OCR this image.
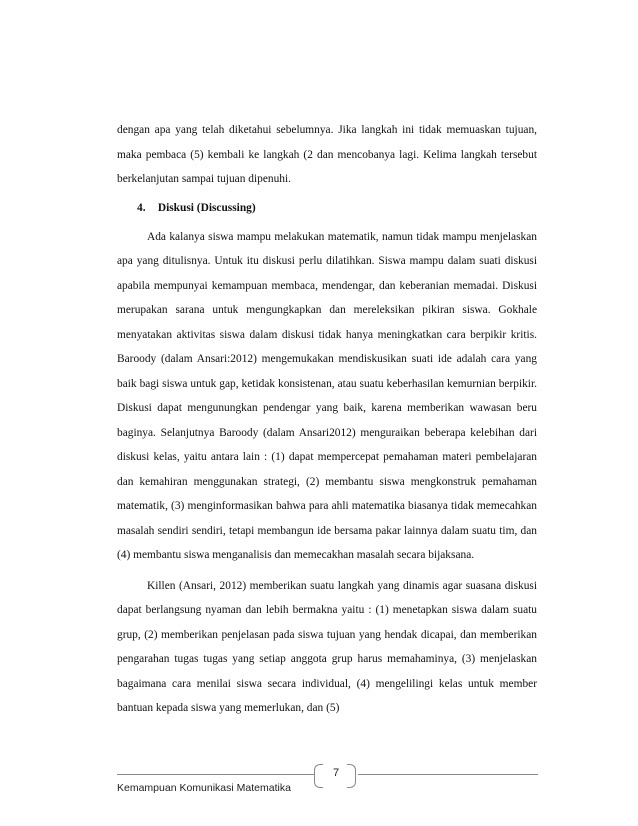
dengan apa yang telah diketahui sebelumnya. Jika langkah ini tidak memuaskan tujuan, maka pembaca (5) kembali ke langkah (2 dan mencobanya lagi. Kelima langkah tersebut berkelanjutan sampai tujuan dipenuhi.

4. Diskusi (Discussing)

Ada kalanya siswa mampu melakukan matematik, namun tidak mampu menjelaskan apa yang ditulisnya. Untuk itu diskusi perlu dilatihkan. Siswa mampu dalam suati diskusi apabila mempunyai kemampuan membaca, mendengar, dan keberanian memadai. Diskusi merupakan sarana untuk mengungkapkan dan mereleksikan pikiran siswa. Gokhale menyatakan aktivitas siswa dalam diskusi tidak hanya meningkatkan cara berpikir kritis. Baroody (dalam Ansari:2012) mengemukakan mendiskusikan suati ide adalah cara yang baik bagi siswa untuk gap, ketidak konsistenan, atau suatu keberhasilan kemurnian berpikir. Diskusi dapat mengunungkan pendengar yang baik, karena memberikan wawasan beru baginya. Selanjutnya Baroody (dalam Ansari2012) menguraikan beberapa kelebihan dari diskusi kelas, yaitu antara lain : (1) dapat mempercepat pemahaman materi pembelajaran dan kemahiran menggunakan strategi, (2) membantu siswa mengkonstruk pemahaman matematik, (3) menginformasikan bahwa para ahli matematika biasanya tidak memecahkan masalah sendiri sendiri, tetapi membangun ide bersama pakar lainnya dalam suatu tim, dan (4) membantu siswa menganalisis dan memecakhan masalah secara bijaksana.

Killen (Ansari, 2012) memberikan suatu langkah yang dinamis agar suasana diskusi dapat berlangsung nyaman dan lebih bermakna yaitu : (1) menetapkan siswa dalam suatu grup, (2) memberikan penjelasan pada siswa tujuan yang hendak dicapai, dan memberikan pengarahan tugas tugas yang setiap anggota grup harus memahaminya, (3) menjelaskan bagaimana cara menilai siswa secara individual, (4) mengelilingi kelas untuk member bantuan kepada siswa yang memerlukan, dan (5)

7
Kemampuan Komunikasi Matematika
